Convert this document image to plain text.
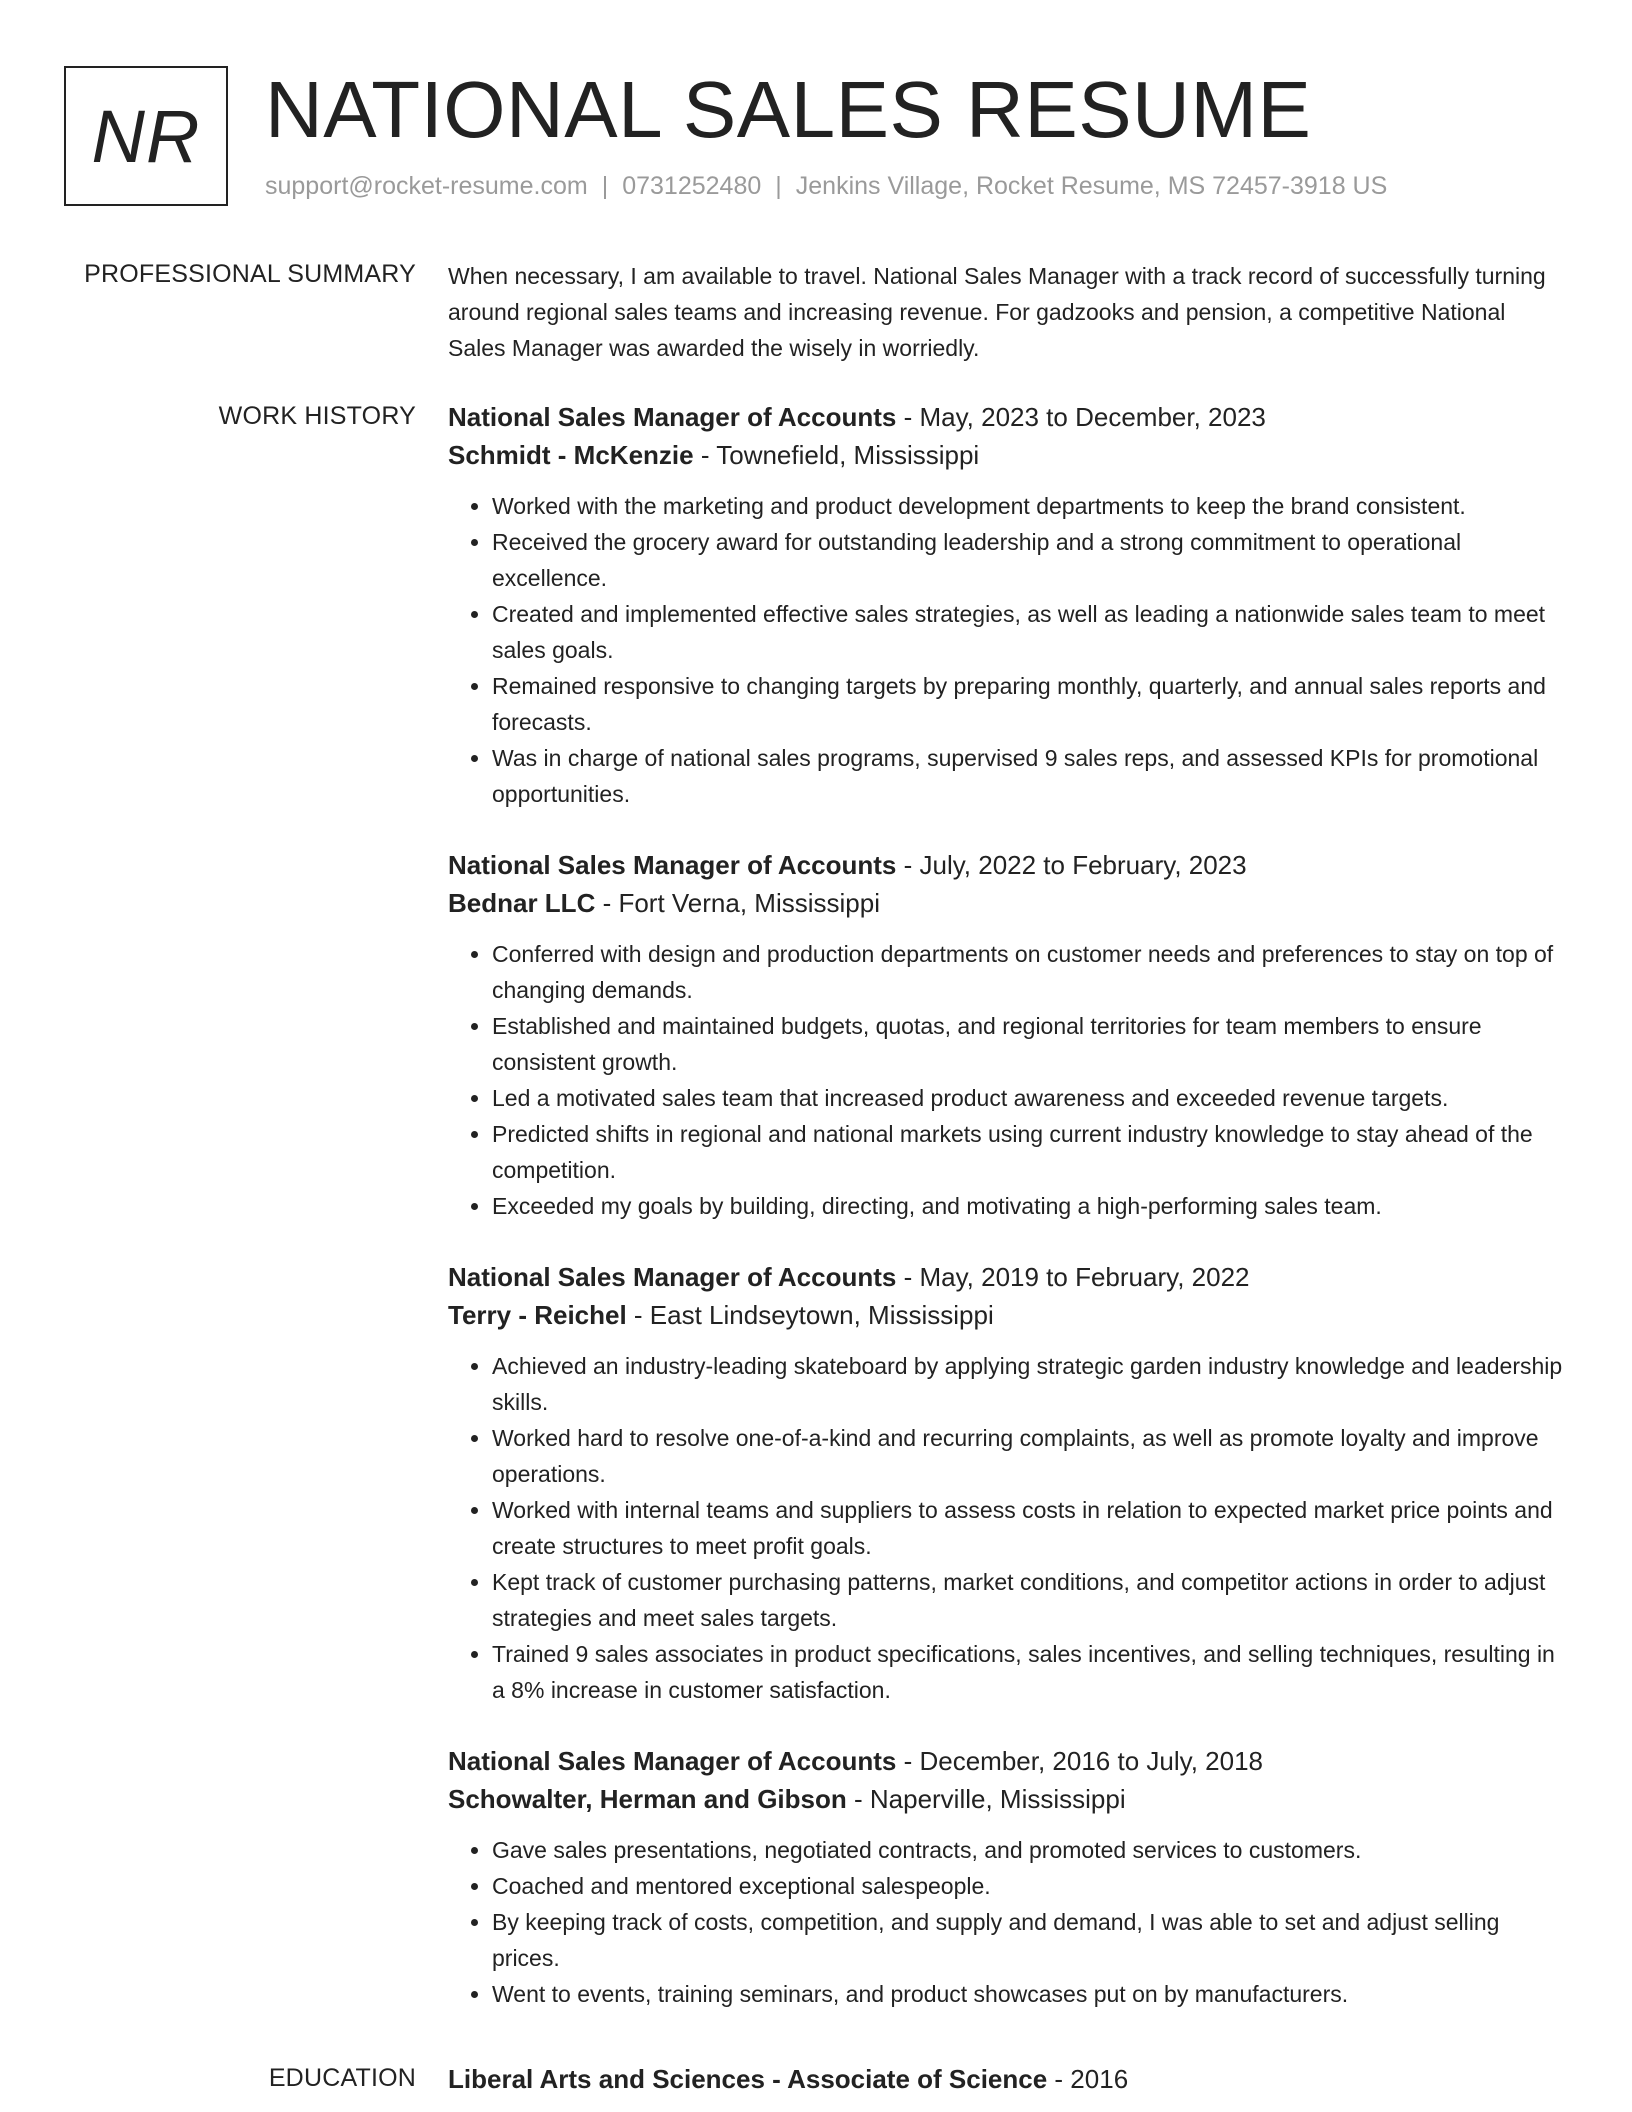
NR NATIONAL SALES RESUME
support@rocket-resume.com | 0731252480 | Jenkins Village, Rocket Resume, MS 72457-3918 US
PROFESSIONAL SUMMARY When necessary, I am available to travel. National Sales Manager with a track record of successfully turning around regional sales teams and increasing revenue. For gadzooks and pension, a competitive National Sales Manager was awarded the wisely in worriedly.

WORK HISTORY National Sales Manager of Accounts - May, 2023 to December, 2023
Schmidt - McKenzie - Townefield, Mississippi
• Worked with the marketing and product development departments to keep the brand consistent.
• Received the grocery award for outstanding leadership and a strong commitment to operational excellence.
• Created and implemented effective sales strategies, as well as leading a nationwide sales team to meet sales goals.
• Remained responsive to changing targets by preparing monthly, quarterly, and annual sales reports and forecasts.
• Was in charge of national sales programs, supervised 9 sales reps, and assessed KPIs for promotional opportunities.
National Sales Manager of Accounts - July, 2022 to February, 2023
Bednar LLC - Fort Verna, Mississippi
• Conferred with design and production departments on customer needs and preferences to stay on top of changing demands.
• Established and maintained budgets, quotas, and regional territories for team members to ensure consistent growth.
• Led a motivated sales team that increased product awareness and exceeded revenue targets.
• Predicted shifts in regional and national markets using current industry knowledge to stay ahead of the competition.
• Exceeded my goals by building, directing, and motivating a high-performing sales team.
National Sales Manager of Accounts - May, 2019 to February, 2022
Terry - Reichel - East Lindseytown, Mississippi
• Achieved an industry-leading skateboard by applying strategic garden industry knowledge and leadership skills.
• Worked hard to resolve one-of-a-kind and recurring complaints, as well as promote loyalty and improve operations.
• Worked with internal teams and suppliers to assess costs in relation to expected market price points and create structures to meet profit goals.
• Kept track of customer purchasing patterns, market conditions, and competitor actions in order to adjust strategies and meet sales targets.
• Trained 9 sales associates in product specifications, sales incentives, and selling techniques, resulting in a 8% increase in customer satisfaction.
National Sales Manager of Accounts - December, 2016 to July, 2018
Schowalter, Herman and Gibson - Naperville, Mississippi
• Gave sales presentations, negotiated contracts, and promoted services to customers.
• Coached and mentored exceptional salespeople.
• By keeping track of costs, competition, and supply and demand, I was able to set and adjust selling prices.
• Went to events, training seminars, and product showcases put on by manufacturers.
EDUCATION Liberal Arts and Sciences - Associate of Science - 2016
